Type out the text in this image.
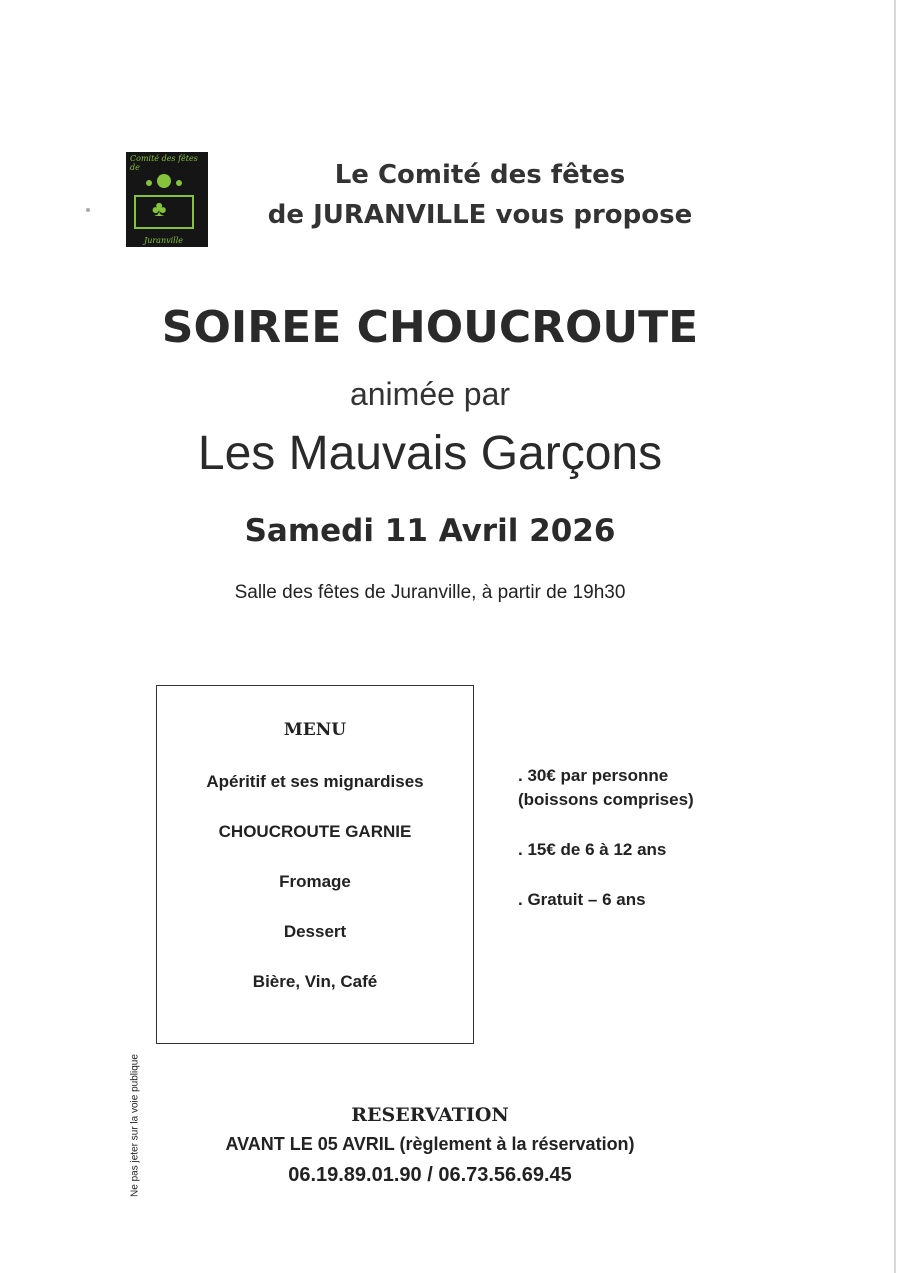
Comité des fêtes de
♣
Juranville
Le Comité des fêtes
de JURANVILLE vous propose
SOIREE CHOUCROUTE
animée par
Les Mauvais Garçons
Samedi 11 Avril 2026
Salle des fêtes de Juranville, à partir de 19h30
MENU
Apéritif et ses mignardises
CHOUCROUTE GARNIE
Fromage
Dessert
Bière, Vin, Café
. 30€ par personne
(boissons comprises)
. 15€ de 6 à 12 ans
. Gratuit – 6 ans
Ne pas jeter sur la voie publique	RESERVATION
AVANT LE 05 AVRIL (règlement à la réservation)
06.19.89.01.90 / 06.73.56.69.45
